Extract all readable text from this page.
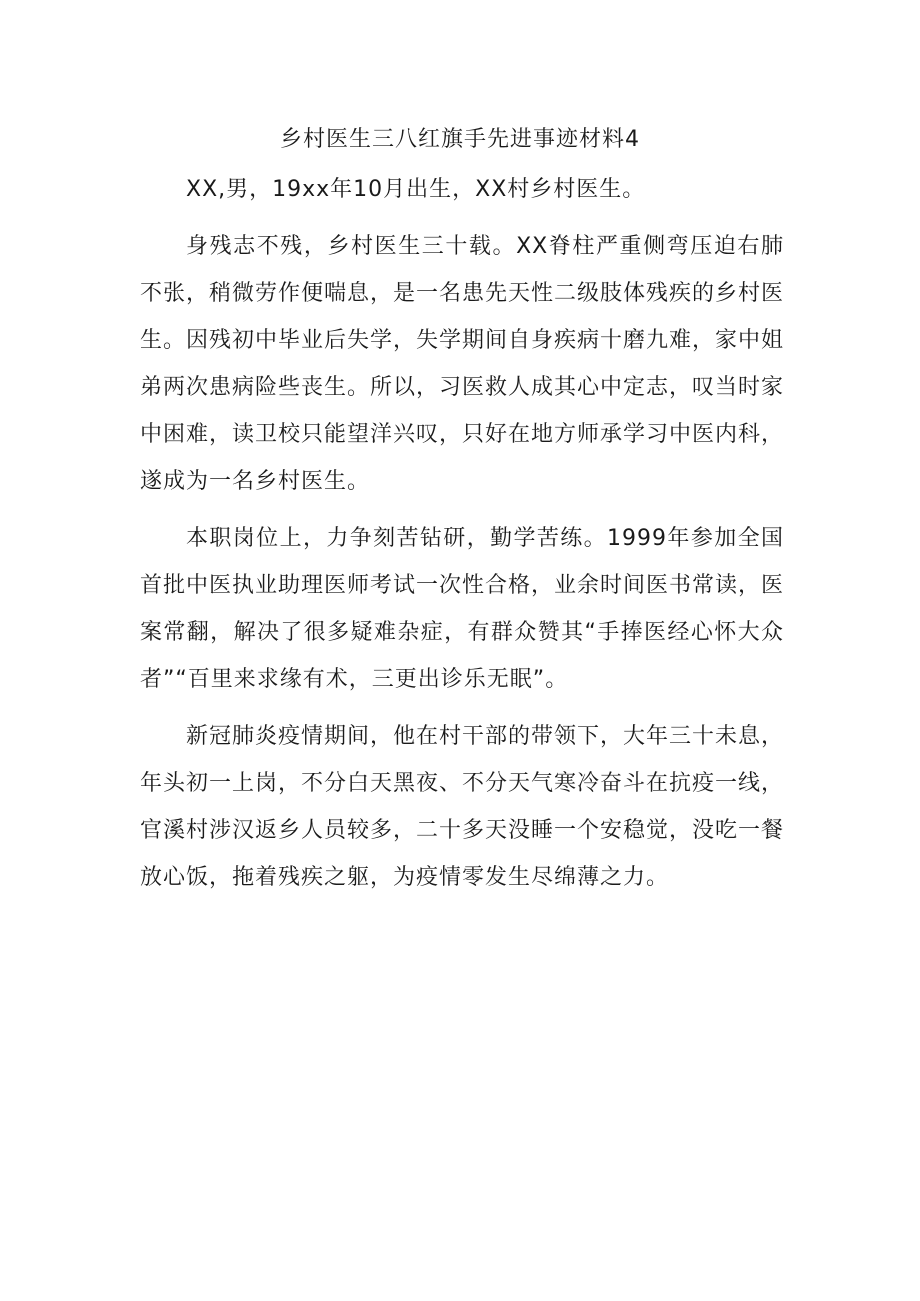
乡村医生三八红旗手先进事迹材料4

XX,男，19xx年10月出生，XX村乡村医生。

身残志不残，乡村医生三十载。XX脊柱严重侧弯压迫右肺不张，稍微劳作便喘息，是一名患先天性二级肢体残疾的乡村医生。因残初中毕业后失学，失学期间自身疾病十磨九难，家中姐弟两次患病险些丧生。所以，习医救人成其心中定志，叹当时家中困难，读卫校只能望洋兴叹，只好在地方师承学习中医内科，遂成为一名乡村医生。

本职岗位上，力争刻苦钻研，勤学苦练。1999年参加全国首批中医执业助理医师考试一次性合格，业余时间医书常读，医案常翻，解决了很多疑难杂症，有群众赞其“手捧医经心怀大众者”“百里来求缘有术，三更出诊乐无眠”。

新冠肺炎疫情期间，他在村干部的带领下，大年三十未息，年头初一上岗，不分白天黑夜、不分天气寒冷奋斗在抗疫一线，官溪村涉汉返乡人员较多，二十多天没睡一个安稳觉，没吃一餐放心饭，拖着残疾之躯，为疫情零发生尽绵薄之力。
